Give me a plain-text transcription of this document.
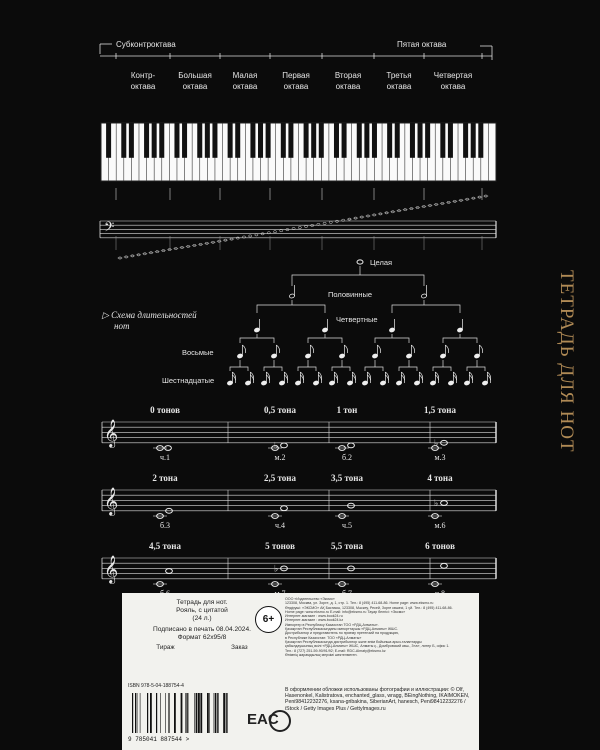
ТЕТРАДЬ ДЛЯ НОТ
Субконтроктава	Пятая октава
Контр-
октава
Большая
октава
Малая
октава
Первая
октава
Вторая
октава
Третья
октава
Четвертая
октава
𝄢
▷ Схема длительностей
нот
Целая
Половинные
Четвертные
Восьмые
Шестнадцатые
𝄞
0 тонов
ч.1
0,5 тона
м.2
♭
1 тон
б.2
1,5 тона
м.3
♭
𝄞
2 тона
б.3
2,5 тона
ч.4
3,5 тона
ч.5
4 тона
м.6
♭
𝄞
4,5 тона	5 тонов
♭
5,5 тона	6 тонов
Тетрадь для нот.
Рояль, с цитатой
(24 л.)
Подписано в печать 08.04.2024.
Формат 62х95/8
Тираж	Заказ
6+
ООО «Издательство «Эксмо»
123308, Москва, ул. Зорге, д. 1, стр. 1. Тел.: 8 (495) 411-68-86. Home page: www.eksmo.ru
Өндіруші: «ЭКСМО» АҚ Баспасы, 123308, Мәскеу, Ресей, Зорге көшесі, 1 үй. Тел.: 8 (495) 411-68-86.
Home page: www.eksmo.ru E-mail: info@eksmo.ru Тауар белгісі: «Эксмо»
Интернет-магазин : www.book24.ru
Интернет-магазин : www.book24.kz
Импортер в Республику Казахстан ТОО «РДЦ-Алматы».
Қазақстан Республикасындағы импорттаушы «РДЦ-Алматы» ЖШС.
Дистрибьютор и представитель по приему претензий на продукцию,
в Республике Казахстан: ТОО «РДЦ-Алматы»
Қазақстан Республикасында дистрибьютор және өнім бойынша арыз-талаптарды
қабылдаушының өкілі «РДЦ-Алматы» ЖШС, Алматы қ., Домбровский көш., 3«а», литер Б, офис 1.
Тел.: 8 (727) 251-59-90/91/92; E-mail: RDC-Almaty@eksmo.kz
Өнімнің жарамдылық мерзімі шектелмеген.
ISBN 978-5-04-188754-4
9 785041 887544 >
EAC
В оформлении обложки использованы фотографии и иллюстрации: © Olf, Hasenonkel, Kalistratova, enchanted_glass, wragg, BEingNothing, IKAIMOKEN, Peni98412232276, ksana-gribakina, SiberianArt, hanesch, Peni98412232276 / iStock / Getty Images Plus / GettyImages.ru
